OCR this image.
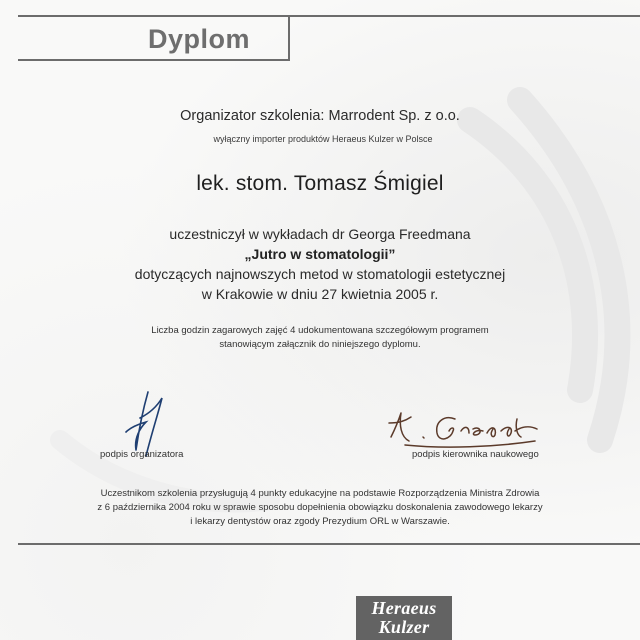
Dyplom
Organizator szkolenia: Marrodent Sp. z o.o.
wyłączny importer produktów Heraeus Kulzer w Polsce
lek. stom. Tomasz Śmigiel
uczestniczył w wykładach dr Georga Freedmana
„Jutro w stomatologii”
dotyczących najnowszych metod w stomatologii estetycznej
w Krakowie w dniu 27 kwietnia 2005 r.
Liczba godzin zagarowych zajęć 4 udokumentowana szczegółowym programem
stanowiącym załącznik do niniejszego dyplomu.
podpis organizatora	podpis kierownika naukowego
Uczestnikom szkolenia przysługują 4 punkty edukacyjne na podstawie Rozporządzenia Ministra Zdrowia
z 6 października 2004 roku w sprawie sposobu dopełnienia obowiązku doskonalenia zawodowego lekarzy
i lekarzy dentystów oraz zgody Prezydium ORL w Warszawie.
Heraeus
Kulzer
